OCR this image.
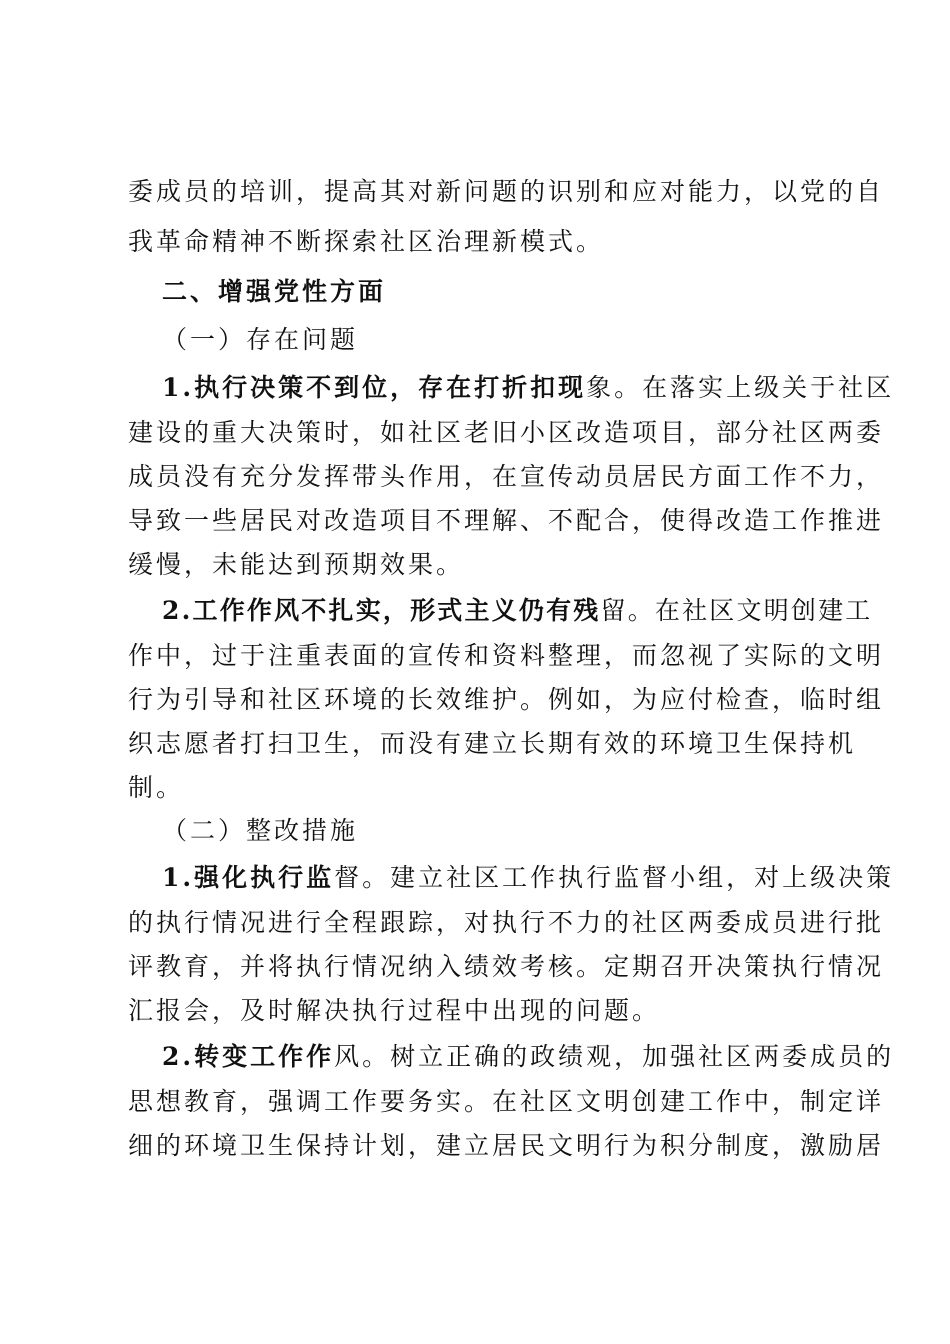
委成员的培训，提高其对新问题的识别和应对能力，以党的自
我革命精神不断探索社区治理新模式。
二、增强党性方面
（一）存在问题
1.执行决策不到位，存在打折扣现象。在落实上级关于社区
建设的重大决策时，如社区老旧小区改造项目，部分社区两委
成员没有充分发挥带头作用，在宣传动员居民方面工作不力，
导致一些居民对改造项目不理解、不配合，使得改造工作推进
缓慢，未能达到预期效果。
2.工作作风不扎实，形式主义仍有残留。在社区文明创建工
作中，过于注重表面的宣传和资料整理，而忽视了实际的文明
行为引导和社区环境的长效维护。例如，为应付检查，临时组
织志愿者打扫卫生，而没有建立长期有效的环境卫生保持机
制。
（二）整改措施
1.强化执行监督。建立社区工作执行监督小组，对上级决策
的执行情况进行全程跟踪，对执行不力的社区两委成员进行批
评教育，并将执行情况纳入绩效考核。定期召开决策执行情况
汇报会，及时解决执行过程中出现的问题。
2.转变工作作风。树立正确的政绩观，加强社区两委成员的
思想教育，强调工作要务实。在社区文明创建工作中，制定详
细的环境卫生保持计划，建立居民文明行为积分制度，激励居
